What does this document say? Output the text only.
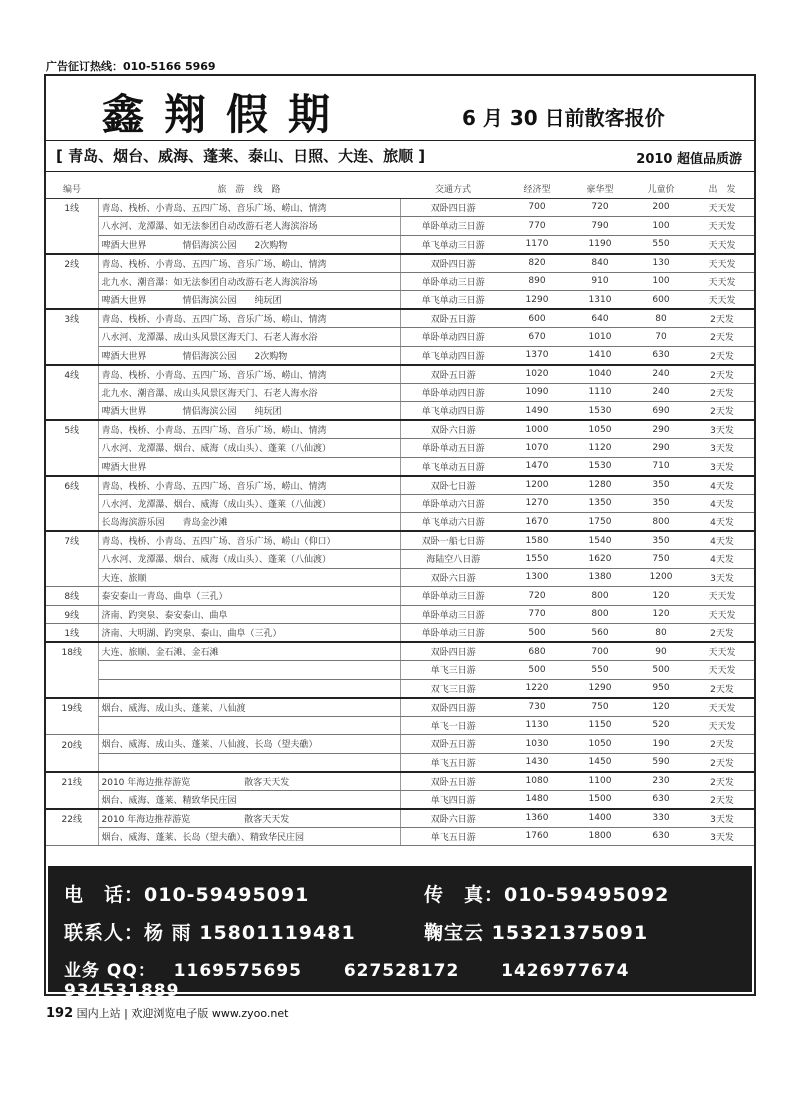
广告征订热线：010-5166 5969
鑫翔假期	6 月 30 日前散客报价
[ 青岛、烟台、威海、蓬莱、泰山、日照、大连、旅顺 ]	2010 超值品质游
编号	旅　游　线　路	交通方式	经济型	豪华型	儿童价	出　发
1线	青岛、栈桥、小青岛、五四广场、音乐广场、崂山、情湾	双卧四日游	700	720	200	天天发
	八水河、龙潭瀑、如无法参团自动改游石老人海滨浴场	单卧单动三日游	770	790	100	天天发
	啤酒大世界　　　　情侣海滨公园　　2次购物	单飞单动三日游	1170	1190	550	天天发
2线	青岛、栈桥、小青岛、五四广场、音乐广场、崂山、情湾	双卧四日游	820	840	130	天天发
	北九水、潮音瀑：如无法参团自动改游石老人海滨浴场	单卧单动三日游	890	910	100	天天发
	啤酒大世界　　　　情侣海滨公园　　纯玩团	单飞单动三日游	1290	1310	600	天天发
3线	青岛、栈桥、小青岛、五四广场、音乐广场、崂山、情湾	双卧五日游	600	640	80	2天发
	八水河、龙潭瀑、成山头风景区海天门、石老人海水浴	单卧单动四日游	670	1010	70	2天发
	啤酒大世界　　　　情侣海滨公园　　2次购物	单飞单动四日游	1370	1410	630	2天发
4线	青岛、栈桥、小青岛、五四广场、音乐广场、崂山、情湾	双卧五日游	1020	1040	240	2天发
	北九水、潮音瀑、成山头风景区海天门、石老人海水浴	单卧单动四日游	1090	1110	240	2天发
	啤酒大世界　　　　情侣海滨公园　　纯玩团	单飞单动四日游	1490	1530	690	2天发
5线	青岛、栈桥、小青岛、五四广场、音乐广场、崂山、情湾	双卧六日游	1000	1050	290	3天发
	八水河、龙潭瀑、烟台、威海（成山头）、蓬莱（八仙渡）	单卧单动五日游	1070	1120	290	3天发
	啤酒大世界	单飞单动五日游	1470	1530	710	3天发
6线	青岛、栈桥、小青岛、五四广场、音乐广场、崂山、情湾	双卧七日游	1200	1280	350	4天发
	八水河、龙潭瀑、烟台、威海（成山头）、蓬莱（八仙渡）	单卧单动六日游	1270	1350	350	4天发
	长岛海滨游乐园　　青岛金沙滩	单飞单动六日游	1670	1750	800	4天发
7线	青岛、栈桥、小青岛、五四广场、音乐广场、崂山（仰口）	双卧一船七日游	1580	1540	350	4天发
	八水河、龙潭瀑、烟台、威海（成山头）、蓬莱（八仙渡）	海陆空八日游	1550	1620	750	4天发
	大连、旅顺	双卧六日游	1300	1380	1200	3天发
8线	泰安泰山一青岛、曲阜（三孔）	单卧单动三日游	720	800	120	天天发
9线	济南、趵突泉、泰安泰山、曲阜	单卧单动三日游	770	800	120	天天发
1线	济南、大明湖、趵突泉、泰山、曲阜（三孔）	单卧单动三日游	500	560	80	2天发
18线	大连、旅顺、金石滩、金石滩	双卧四日游	680	700	90	天天发
		单飞三日游	500	550	500	天天发
		双飞三日游	1220	1290	950	2天发
19线	烟台、威海、成山头、蓬莱、八仙渡	双卧四日游	730	750	120	天天发
		单飞一日游	1130	1150	520	天天发
20线	烟台、威海、成山头、蓬莱、八仙渡、长岛（望夫礁）	双卧五日游	1030	1050	190	2天发
		单飞五日游	1430	1450	590	2天发
21线	2010 年海边推荐游览　　　　　　散客天天发	双卧五日游	1080	1100	230	2天发
	烟台、威海、蓬莱、精致华民庄园	单飞四日游	1480	1500	630	2天发
22线	2010 年海边推荐游览　　　　　　散客天天发	双卧六日游	1360	1400	330	3天发
	烟台、威海、蓬莱、长岛（望夫礁）、精致华民庄园	单飞五日游	1760	1800	630	3天发
电　话：010-59495091	传　真：010-59495092
联系人：杨 雨 15801119481	鞠宝云 15321375091
业务 QQ： 1169575695 627528172 1426977674  934531889
192 国内上站 | 欢迎浏览电子版 www.zyoo.net
